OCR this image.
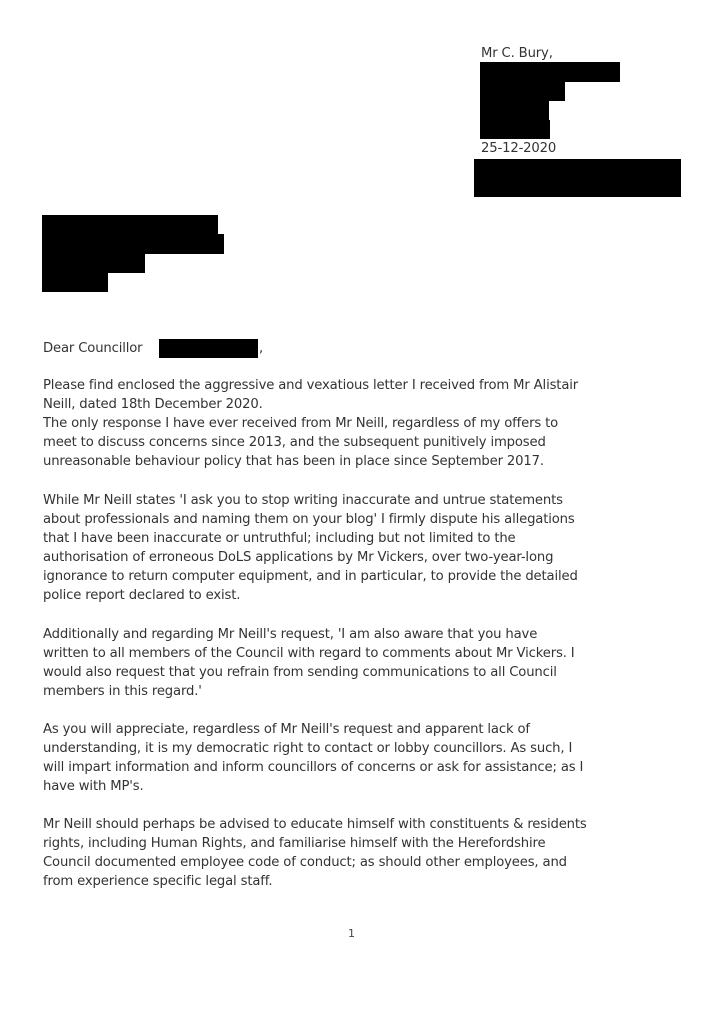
Mr C. Bury,
25-12-2020
Dear Councillor	,
Please find enclosed the aggressive and vexatious letter I received from Mr Alistair
Neill, dated 18th December 2020.
The only response I have ever received from Mr Neill, regardless of my offers to
meet to discuss concerns since 2013, and the subsequent punitively imposed
unreasonable behaviour policy that has been in place since September 2017.
While Mr Neill states 'I ask you to stop writing inaccurate and untrue statements
about professionals and naming them on your blog' I firmly dispute his allegations
that I have been inaccurate or untruthful; including but not limited to the
authorisation of erroneous DoLS applications by Mr Vickers, over two-year-long
ignorance to return computer equipment, and in particular, to provide the detailed
police report declared to exist.
Additionally and regarding Mr Neill's request, 'I am also aware that you have
written to all members of the Council with regard to comments about Mr Vickers. I
would also request that you refrain from sending communications to all Council
members in this regard.'
As you will appreciate, regardless of Mr Neill's request and apparent lack of
understanding, it is my democratic right to contact or lobby councillors. As such, I
will impart information and inform councillors of concerns or ask for assistance; as I
have with MP's.
Mr Neill should perhaps be advised to educate himself with constituents & residents
rights, including Human Rights, and familiarise himself with the Herefordshire
Council documented employee code of conduct; as should other employees, and
from experience specific legal staff.
1
